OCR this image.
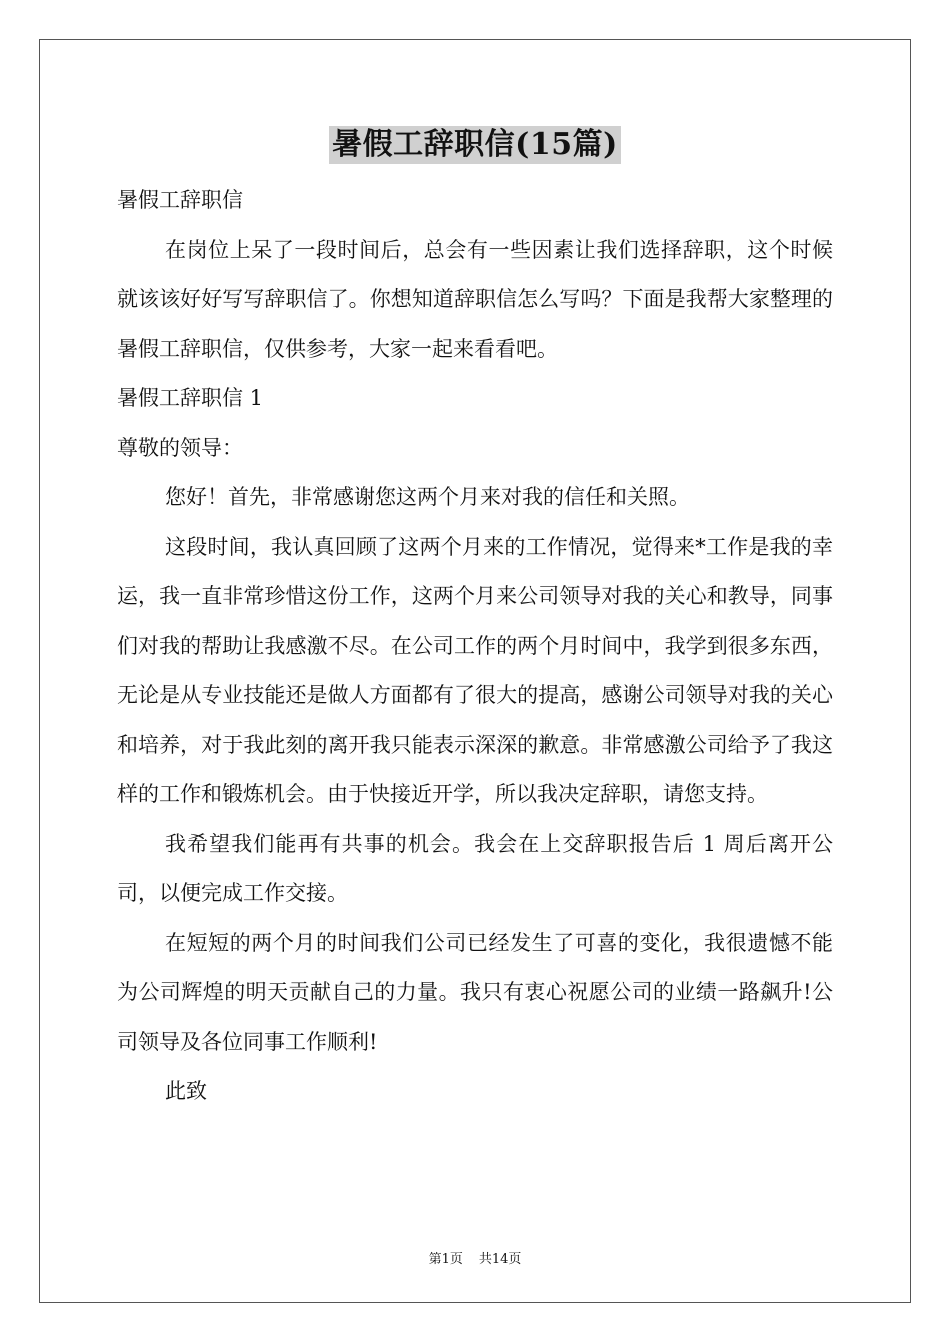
暑假工辞职信(15篇)

暑假工辞职信

在岗位上呆了一段时间后，总会有一些因素让我们选择辞职，这个时候就该该好好写写辞职信了。你想知道辞职信怎么写吗？下面是我帮大家整理的暑假工辞职信，仅供参考，大家一起来看看吧。

暑假工辞职信 1

尊敬的领导：

您好！首先，非常感谢您这两个月来对我的信任和关照。

这段时间，我认真回顾了这两个月来的工作情况，觉得来*工作是我的幸运，我一直非常珍惜这份工作，这两个月来公司领导对我的关心和教导，同事们对我的帮助让我感激不尽。在公司工作的两个月时间中，我学到很多东西，无论是从专业技能还是做人方面都有了很大的提高，感谢公司领导对我的关心和培养，对于我此刻的离开我只能表示深深的歉意。非常感激公司给予了我这样的工作和锻炼机会。由于快接近开学，所以我决定辞职，请您支持。

我希望我们能再有共事的机会。我会在上交辞职报告后 1 周后离开公司，以便完成工作交接。

在短短的两个月的时间我们公司已经发生了可喜的变化，我很遗憾不能为公司辉煌的明天贡献自己的力量。我只有衷心祝愿公司的业绩一路飙升!公司领导及各位同事工作顺利!

此致

第1页 共14页
